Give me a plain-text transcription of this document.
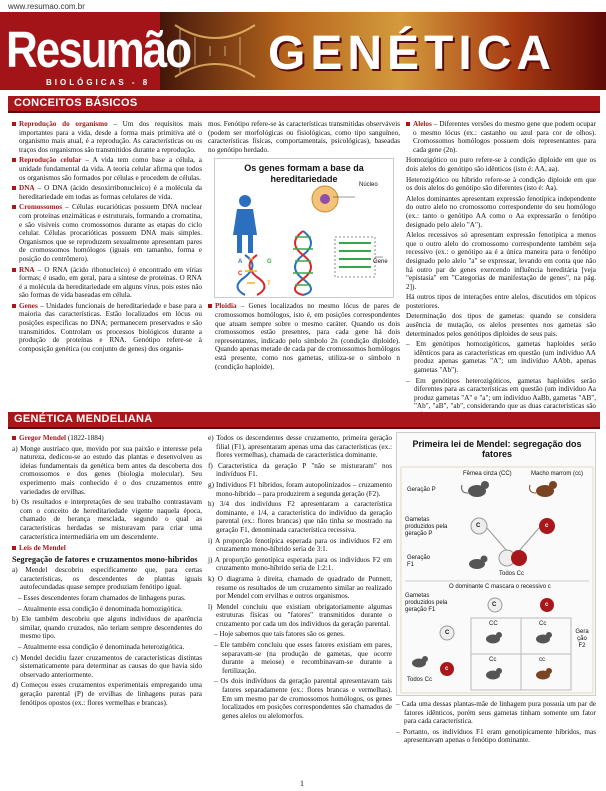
www.resumao.com.br
Resumão
BIOLÓGICAS - 8
GENÉTICA
CONCEITOS BÁSICOS

Reprodução do organismo – Um dos requisitos mais importantes para a vida, desde a forma mais primitiva até o organismo mais atual, é a reprodução. As características ou os traços dos organismos são transmitidos durante a reprodução.

Reprodução celular – A vida tem como base a célula, a unidade fundamental da vida. A teoria celular afirma que todos os organismos são formados por células e procedem de células.

DNA – O DNA (ácido desoxirribonucleico) é a molécula da hereditariedade em todas as formas celulares de vida.

Cromossomos – Células eucarióticas possuem DNA nuclear com proteínas enzimáticas e estruturais, formando a cromatina, e são visíveis como cromossomos durante as etapas do ciclo celular. Células procarióticas possuem DNA mais simples. Organismos que se reproduzem sexualmente apresentam pares de cromossomos homólogos (iguais em tamanho, forma e posição do centrômero).

RNA – O RNA (ácido ribonucleico) é encontrado em vírias formas; é usado, em geral, para a síntese de proteínas. O RNA é a molécula da hereditariedade em alguns vírus, pois estes não são formas de vida baseadas em célula.

Genes – Unidades funcionais de hereditariedade e base para a maioria das características. Estão localizados em lócus ou posições específicas no DNA; permanecem preservados e são transmitidos. Controlam os processos biológicos durante a produção de proteínas e RNA. Genótipo refere-se à composição genética (ou conjunto de genes) dos organis-

mos. Fenótipo refere-se às características transmitidas observáveis (podem ser morfológicas ou fisiológicas, como tipo sanguíneo, características físicas, comportamentais, psicológicas), baseadas no genótipo herdado.

Os genes formam a base da hereditariedade
Núcleo
Gene
A
C
G
T

Ploidia – Genes localizados no mesmo lócus de pares de cromossomos homólogos, isto é, em posições correspondentes que atuam sempre sobre o mesmo caráter. Quando os dois cromossomos estão presentes, para cada gene há dois representantes, indicado pelo símbolo 2n (condição diploide). Quando apenas metade de cada par de cromossomos homólogos está presente, como nos gametas, utiliza-se o símbolo n (condição haploide).

Alelos – Diferentes versões do mesmo gene que podem ocupar o mesmo lócus (ex.: castanho ou azul para cor de olhos). Cromossomos homólogos possuem dois representantes para cada gene (2n).

Homozigótico ou puro refere-se à condição diploide em que os dois alelos do genótipo são idênticos (isto é: AA, aa).

Heterozigótico ou híbrido refere-se à condição diploide em que os dois alelos do genótipo são diferentes (isto é: Aa).

Alelos dominantes apresentam expressão fenotípica independente do outro alelo no cromossomo correspondente do seu homólogo (ex.: tanto o genótipo AA como o Aa expressarão o fenótipo designado pelo alelo "A").

Alelos recessivos só apresentam expressão fenotípica a menos que o outro alelo do cromossomo correspondente também seja recessivo (ex.: o genótipo aa é a única maneira para o fenótipo designado pelo alelo "a" se expressar, levando em conta que não há outro par de genes exercendo influência hereditária [veja "epistasia" em "Categorias de manifestação de genes", na pág. 2]).

Há outros tipos de interações entre alelos, discutidos em tópicos posteriores.

Determinação dos tipos de gametas: quando se considera ausência de mutação, os alelos presentes nos gametas são determinados pelos genótipos diploides de seus pais.

– Em genótipos homozigóticos, gametas haploides serão idênticos para as características em questão (um indivíduo AA produz apenas gametas "A"; um indivíduo AAbb, apenas gametas "Ab").

– Em genótipos heterozigóticos, gametas haploides serão diferentes para as características em questão (um indivíduo Aa produz gametas "A" e "a"; um indivíduo AaBb, gametas "AB", "Ab", "aB", "ab", considerando que as duas características são

GENÉTICA MENDELIANA

Gregor Mendel (1822-1884)

a) Monge austríaco que, movido por sua paixão e interesse pela natureza, dedicou-se ao estudo das plantas e desenvolveu as ideias fundamentais da genética bem antes da descoberta dos cromossomos e dos genes (biologia molecular). Seu experimento mais conhecido é o dos cruzamentos entre variedades de ervilhas.

b) Os resultados e interpretações de seu trabalho contrastavam com o conceito de hereditariedade vigente naquela época, chamado de herança mesclada, segundo o qual as características herdadas se misturavam para criar uma característica intermediária em um descendente.

Leis de Mendel

Segregação de fatores e cruzamentos mono-híbridos

a) Mendel descobriu especificamente que, para certas características, os descendentes de plantas iguais autofecundadas quase sempre produziam fenótipo igual.

– Esses descendentes foram chamados de linhagens puras.

– Atualmente essa condição é denominada homozigótica.

b) Ele também descobriu que alguns indivíduos de aparência similar, quando cruzados, não teriam sempre descendentes do mesmo tipo.

– Atualmente essa condição é denominada heterozigótica.

c) Mendel decidiu fazer cruzamentos de características distintas sistematicamente para determinar as causas do que havia sido observado anteriormente.

d) Começou esses cruzamentos experimentais empregando uma geração parental (P) de ervilhas de linhagens puras para fenótipos opostos (ex.: flores vermelhas e brancas).

e) Todos os descendentes desse cruzamento, primeira geração filial (F1), apresentaram apenas uma das características (ex.: flores vermelhas), chamada de característica dominante.

f) Característica da geração P "não se misturaram" nos indivíduos F1.

g) Indivíduos F1 híbridos, foram autopolinizados – cruzamento mono-híbrido – para produzirem a segunda geração (F2).

h) 3/4 dos indivíduos F2 apresentaram a característica dominante, e 1/4, a característica do indivíduo da geração parental (ex.: flores brancas) que não tinha se mostrado na geração F1, denominada característica recessiva.

i) A proporção fenotípica esperada para os indivíduos F2 em cruzamento mono-híbrido seria de 3:1.

j) A proporção genotípica esperada para os indivíduos F2 em cruzamento mono-híbrido seria de 1:2:1.

k) O diagrama à direita, chamado de quadrado de Punnett, resume os resultados de um cruzamento similar ao realizado por Mendel com ervilhas e outros organismos.

l) Mendel concluiu que existiam obrigatoriamente algumas estruturas físicas ou "fatores" transmitidos durante o cruzamento por cada um dos indivíduos da geração parental.

– Hoje sabemos que tais fatores são os genes.

– Ele também concluiu que esses fatores existiam em pares, separavam-se (na produção de gametas, que ocorre durante a meiose) e recombinavam-se durante a fertilização.

– Os dois indivíduos da geração parental apresentavam tais fatores separadamente (ex.: flores brancas e vermelhas). Em um mesmo par de cromossomos homólogos, os genes localizados em posições correspondentes são chamados de genes alelos ou alelomorfos.

Primeira lei de Mendel: segregação dos fatores
Fêmea cinza (CC)	Macho marrom (cc)
Geração P
Gametas produzidos pela geração P
C	c
Geração F1
Todos Cc
O dominante C mascara o recessivo c
Gametas produzidos pela geração F1
C	c
C
c
CC	Cc
Cc	cc
Geração F2
Todos Cc

– Cada uma dessas plantas-mãe de linhagem pura possuía um par de fatores idênticos, porém seus gametas tinham somente um fator para cada característica.

– Portanto, os indivíduos F1 eram genotipicamente híbridos, mas apresentavam apenas o fenótipo dominante.

1
